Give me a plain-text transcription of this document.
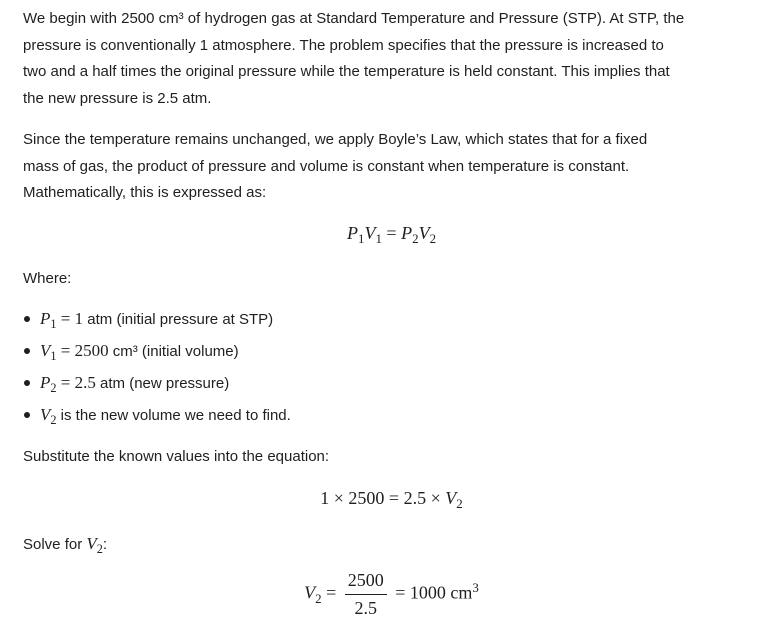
We begin with 2500 cm³ of hydrogen gas at Standard Temperature and Pressure (STP). At STP, the
pressure is conventionally 1 atmosphere. The problem specifies that the pressure is increased to
two and a half times the original pressure while the temperature is held constant. This implies that
the new pressure is 2.5 atm.

Since the temperature remains unchanged, we apply Boyle’s Law, which states that for a fixed
mass of gas, the product of pressure and volume is constant when temperature is constant.
Mathematically, this is expressed as:

$P_1V_1 = P_2V_2$

Where:

$P_1 = 1$ atm (initial pressure at STP)
$V_1 = 2500$ cm³ (initial volume)
$P_2 = 2.5$ atm (new pressure)
$V_2$ is the new volume we need to find.

Substitute the known values into the equation:

$1 \times 2500 = 2.5 \times V_2$

Solve for $V_2$:

$V_2 = \frac{2500}{2.5} = 1000$ $cm^3$
